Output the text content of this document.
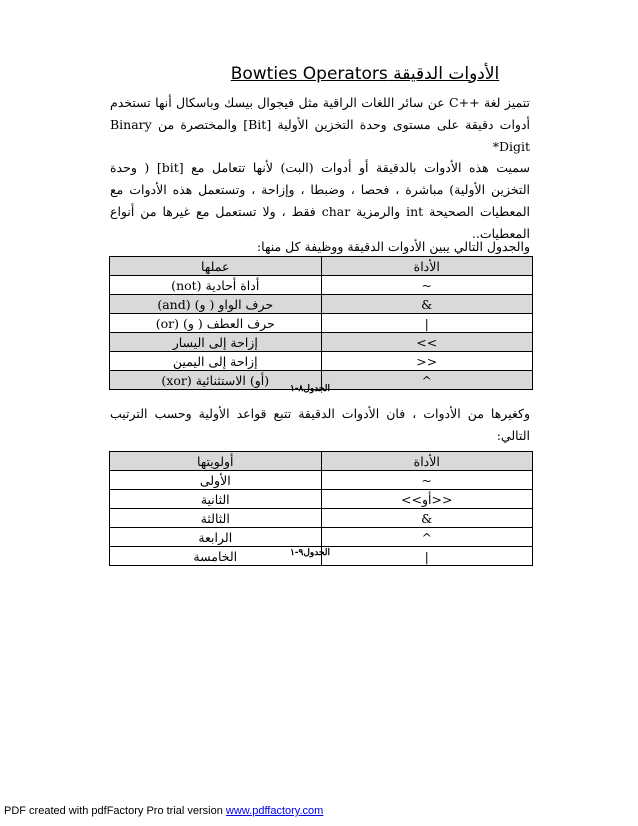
الأدوات الدقيقة Bowties Operators
تتميز لغة ++C عن سائر اللغات الراقية مثل فيجوال بيسك وباسكال أنها تستخدم أدوات دقيقة على مستوى وحدة التخزين الأولية [Bit] والمختصرة من Binary Digit*
سميت هذه الأدوات بالدقيقة أو أدوات (البت) لأنها تتعامل مع [bit] ( وحدة التخزين الأولية) مباشرة ، فحصا ، وضبطا ، وإزاحة ، وتستعمل هذه الأدوات مع المعطيات الصحيحة int والرمزية char فقط ، ولا تستعمل مع غيرها من أنواع المعطيات..
والجدول التالي يبين الأدوات الدقيقة ووظيفة كل منها:
الأداة	عملها
~	أداة أحادية (not)
&	حرف الواو ( و) (and)
|	حرف العطف ( و) (or)
>>	إزاحة إلى اليسار
<<	إزاحة إلى اليمين
^	(أو) الاستثنائية (xor)
الجدول٨-١
وكغيرها من الأدوات ، فان الأدوات الدقيقة تتبع قواعد الأولية وحسب الترتيب التالي:
الأداة	أولويتها
~	الأولى
<<أو>>	الثانية
&	الثالثة
^	الرابعة
|	الخامسة	الجدول٩-١
PDF created with pdfFactory Pro trial version www.pdffactory.com
